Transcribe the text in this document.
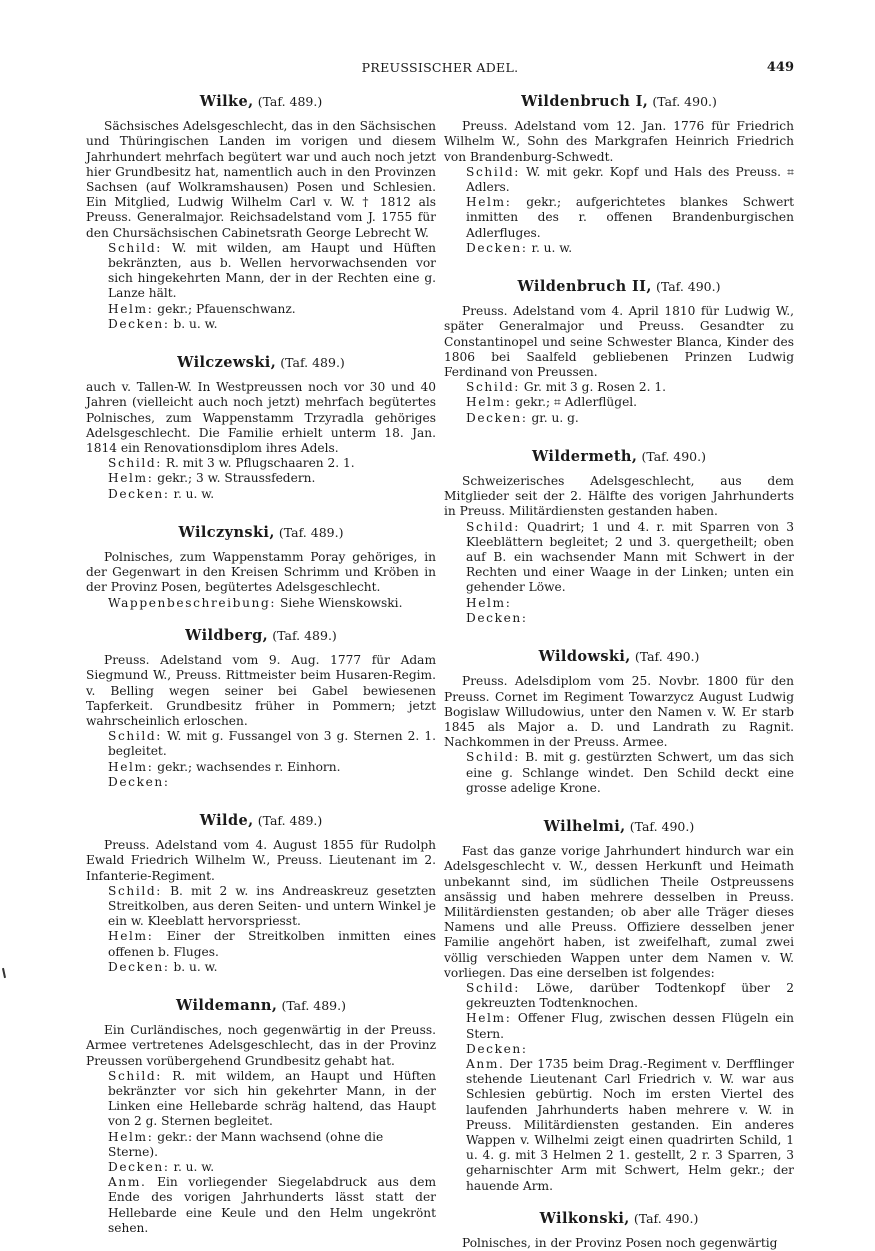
PREUSSISCHER ADEL.	449
Wilke, (Taf. 489.)

Sächsisches Adelsgeschlecht, das in den Sächsischen und Thüringischen Landen im vorigen und diesem Jahrhundert mehrfach begütert war und auch noch jetzt hier Grundbesitz hat, namentlich auch in den Provinzen Sachsen (auf Wolkramshausen) Posen und Schlesien. Ein Mitglied, Ludwig Wilhelm Carl v. W. † 1812 als Preuss. Generalmajor. Reichsadelstand vom J. 1755 für den Chursächsischen Cabinetsrath George Lebrecht W.

Schild: W. mit wilden, am Haupt und Hüften bekränzten, aus b. Wellen hervorwachsenden vor sich hingekehrten Mann, der in der Rechten eine g. Lanze hält.

Helm: gekr.; Pfauenschwanz.

Decken: b. u. w.

Wilczewski, (Taf. 489.)

auch v. Tallen-W. In Westpreussen noch vor 30 und 40 Jahren (vielleicht auch noch jetzt) mehrfach begütertes Polnisches, zum Wappenstamm Trzyradla gehöriges Adelsgeschlecht. Die Familie erhielt unterm 18. Jan. 1814 ein Renovationsdiplom ihres Adels.

Schild: R. mit 3 w. Pflugschaaren 2. 1.

Helm: gekr.; 3 w. Straussfedern.

Decken: r. u. w.

Wilczynski, (Taf. 489.)

Polnisches, zum Wappenstamm Poray gehöriges, in der Gegenwart in den Kreisen Schrimm und Kröben in der Provinz Posen, begütertes Adelsgeschlecht.

Wappenbeschreibung: Siehe Wienskowski.

Wildberg, (Taf. 489.)

Preuss. Adelstand vom 9. Aug. 1777 für Adam Siegmund W., Preuss. Rittmeister beim Husaren-Regim. v. Belling wegen seiner bei Gabel bewiesenen Tapferkeit. Grundbesitz früher in Pommern; jetzt wahrscheinlich erloschen.

Schild: W. mit g. Fussangel von 3 g. Sternen 2. 1. begleitet.

Helm: gekr.; wachsendes r. Einhorn.

Decken:

Wilde, (Taf. 489.)

Preuss. Adelstand vom 4. August 1855 für Rudolph Ewald Friedrich Wilhelm W., Preuss. Lieutenant im 2. Infanterie-Regiment.

Schild: B. mit 2 w. ins Andreaskreuz gesetzten Streitkolben, aus deren Seiten- und untern Winkel je ein w. Kleeblatt hervorspriesst.

Helm: Einer der Streitkolben inmitten eines offenen b. Fluges.

Decken: b. u. w.

Wildemann, (Taf. 489.)

Ein Curländisches, noch gegenwärtig in der Preuss. Armee vertretenes Adelsgeschlecht, das in der Provinz Preussen vorübergehend Grundbesitz gehabt hat.

Schild: R. mit wildem, an Haupt und Hüften bekränzter vor sich hin gekehrter Mann, in der Linken eine Hellebarde schräg haltend, das Haupt von 2 g. Sternen begleitet.

Helm: gekr.: der Mann wachsend (ohne die Sterne).

Decken: r. u. w.

Anm. Ein vorliegender Siegelabdruck aus dem Ende des vorigen Jahrhunderts lässt statt der Hellebarde eine Keule und den Helm ungekrönt sehen.

Wildenbruch I, (Taf. 490.)

Preuss. Adelstand vom 12. Jan. 1776 für Friedrich Wilhelm W., Sohn des Markgrafen Heinrich Friedrich von Brandenburg-Schwedt.

Schild: W. mit gekr. Kopf und Hals des Preuss. ⌗ Adlers.

Helm: gekr.; aufgerichtetes blankes Schwert inmitten des r. offenen Brandenburgischen Adlerfluges.

Decken: r. u. w.

Wildenbruch II, (Taf. 490.)

Preuss. Adelstand vom 4. April 1810 für Ludwig W., später Generalmajor und Preuss. Gesandter zu Constantinopel und seine Schwester Blanca, Kinder des 1806 bei Saalfeld gebliebenen Prinzen Ludwig Ferdinand von Preussen.

Schild: Gr. mit 3 g. Rosen 2. 1.

Helm: gekr.; ⌗ Adlerflügel.

Decken: gr. u. g.

Wildermeth, (Taf. 490.)

Schweizerisches Adelsgeschlecht, aus dem Mitglieder seit der 2. Hälfte des vorigen Jahrhunderts in Preuss. Militärdiensten gestanden haben.

Schild: Quadrirt; 1 und 4. r. mit Sparren von 3 Kleeblättern begleitet; 2 und 3. quergetheilt; oben auf B. ein wachsender Mann mit Schwert in der Rechten und einer Waage in der Linken; unten ein gehender Löwe.

Helm:

Decken:

Wildowski, (Taf. 490.)

Preuss. Adelsdiplom vom 25. Novbr. 1800 für den Preuss. Cornet im Regiment Towarzycz August Ludwig Bogislaw Willudowius, unter den Namen v. W. Er starb 1845 als Major a. D. und Landrath zu Ragnit. Nachkommen in der Preuss. Armee.

Schild: B. mit g. gestürzten Schwert, um das sich eine g. Schlange windet. Den Schild deckt eine grosse adelige Krone.

Wilhelmi, (Taf. 490.)

Fast das ganze vorige Jahrhundert hindurch war ein Adelsgeschlecht v. W., dessen Herkunft und Heimath unbekannt sind, im südlichen Theile Ostpreussens ansässig und haben mehrere desselben in Preuss. Militärdiensten gestanden; ob aber alle Träger dieses Namens und alle Preuss. Offiziere desselben jener Familie angehört haben, ist zweifelhaft, zumal zwei völlig verschieden Wappen unter dem Namen v. W. vorliegen. Das eine derselben ist folgendes:

Schild: Löwe, darüber Todtenkopf über 2 gekreuzten Todtenknochen.

Helm: Offener Flug, zwischen dessen Flügeln ein Stern.

Decken:

Anm. Der 1735 beim Drag.-Regiment v. Derfflinger stehende Lieutenant Carl Friedrich v. W. war aus Schlesien gebürtig. Noch im ersten Viertel des laufenden Jahrhunderts haben mehrere v. W. in Preuss. Militärdiensten gestanden. Ein anderes Wappen v. Wilhelmi zeigt einen quadrirten Schild, 1 u. 4. g. mit 3 Helmen 2 1. gestellt, 2 r. 3 Sparren, 3 geharnischter Arm mit Schwert, Helm gekr.; der hauende Arm.

Wilkonski, (Taf. 490.)

Polnisches, in der Provinz Posen noch gegenwärtig
